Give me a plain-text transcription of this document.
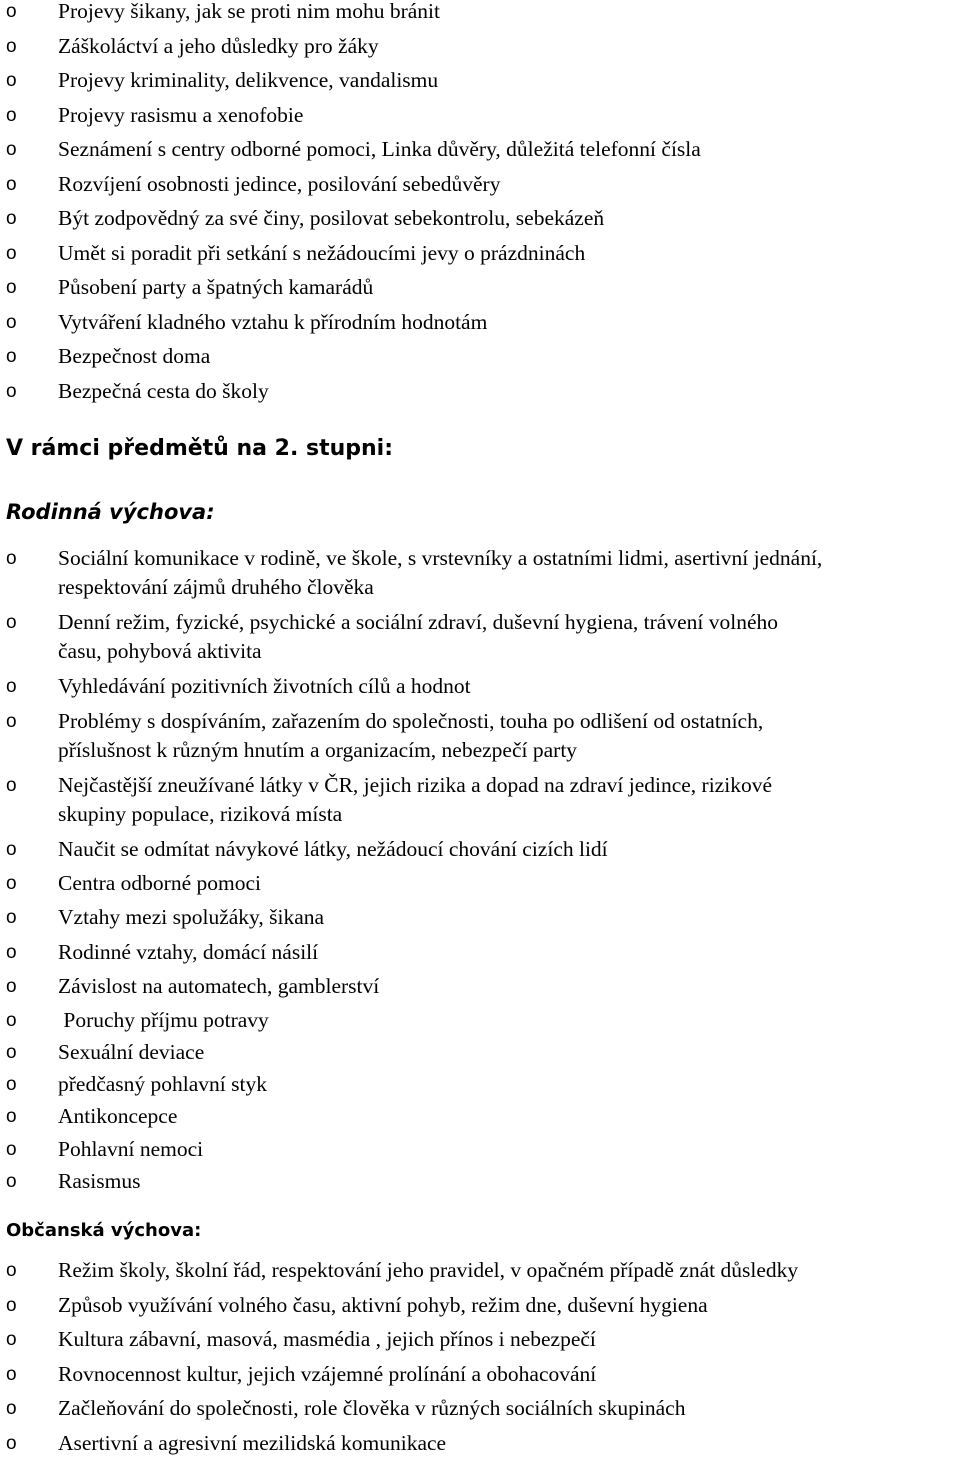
o Projevy šikany, jak se proti nim mohu bránit
o Záškoláctví a jeho důsledky pro žáky
o Projevy kriminality, delikvence, vandalismu
o Projevy rasismu a xenofobie
o Seznámení s centry odborné pomoci, Linka důvěry, důležitá telefonní čísla
o Rozvíjení osobnosti jedince, posilování sebedůvěry
o Být zodpovědný za své činy, posilovat sebekontrolu, sebekázeň
o Umět si poradit při setkání s nežádoucími jevy o prázdninách
o Působení party a špatných kamarádů
o Vytváření kladného vztahu k přírodním hodnotám
o Bezpečnost doma
o Bezpečná cesta do školy
V rámci předmětů na 2. stupni:
Rodinná výchova:
o Sociální komunikace v rodině, ve škole, s vrstevníky a ostatními lidmi, asertivní jednání,
respektování zájmů druhého člověka
o Denní režim, fyzické, psychické a sociální zdraví, duševní hygiena, trávení volného
času, pohybová aktivita
o Vyhledávání pozitivních životních cílů a hodnot
o Problémy s dospíváním, zařazením do společnosti, touha po odlišení od ostatních,
příslušnost k různým hnutím a organizacím, nebezpečí party
o Nejčastější zneužívané látky v ČR, jejich rizika a dopad na zdraví jedince, rizikové
skupiny populace, riziková místa
o Naučit se odmítat návykové látky, nežádoucí chování cizích lidí
o Centra odborné pomoci
o Vztahy mezi spolužáky, šikana
o Rodinné vztahy, domácí násilí
o Závislost na automatech, gamblerství
o Poruchy příjmu potravy
o Sexuální deviace
o předčasný pohlavní styk
o Antikoncepce
o Pohlavní nemoci
o Rasismus
Občanská výchova:
o Režim školy, školní řád, respektování jeho pravidel, v opačném případě znát důsledky
o Způsob využívání volného času, aktivní pohyb, režim dne, duševní hygiena
o Kultura zábavní, masová, masmédia , jejich přínos i nebezpečí
o Rovnocennost kultur, jejich vzájemné prolínání a obohacování
o Začleňování do společnosti, role člověka v různých sociálních skupinách
o Asertivní a agresivní mezilidská komunikace
